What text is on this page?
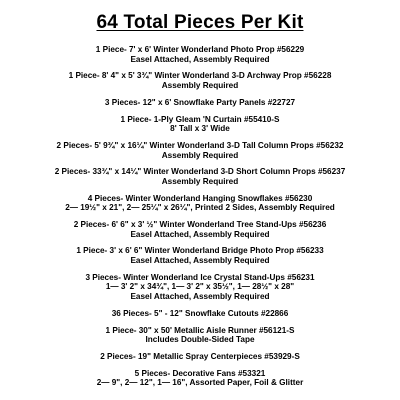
64 Total Pieces Per Kit
1 Piece- 7' x 6' Winter Wonderland Photo Prop #56229
Easel Attached, Assembly Required
1 Piece- 8' 4" x 5' 3¾" Winter Wonderland 3-D Archway Prop #56228
Assembly Required
3 Pieces- 12" x 6' Snowflake Party Panels #22727
1 Piece- 1-Ply Gleam 'N Curtain #55410-S
8' Tall x 3' Wide
2 Pieces- 5' 9¾" x 16¼" Winter Wonderland 3-D Tall Column Props #56232
Assembly Required
2 Pieces- 33¾" x 14¼" Winter Wonderland 3-D Short Column Props #56237
Assembly Required
4 Pieces- Winter Wonderland Hanging Snowflakes #56230
2— 19½" x 21", 2— 25¼" x 26¼", Printed 2 Sides, Assembly Required
2 Pieces- 6' 6" x 3' ½" Winter Wonderland Tree Stand-Ups #56236
Easel Attached, Assembly Required
1 Piece- 3' x 6' 6" Winter Wonderland Bridge Photo Prop #56233
Easel Attached, Assembly Required
3 Pieces- Winter Wonderland Ice Crystal Stand-Ups #56231
1— 3' 2" x 34¾", 1— 3' 2" x 35½", 1— 28½" x 28"
Easel Attached, Assembly Required
36 Pieces- 5" - 12" Snowflake Cutouts #22866
1 Piece- 30" x 50' Metallic Aisle Runner #56121-S
Includes Double-Sided Tape
2 Pieces- 19" Metallic Spray Centerpieces #53929-S
5 Pieces- Decorative Fans #53321
2— 9", 2— 12", 1— 16", Assorted Paper, Foil & Glitter
